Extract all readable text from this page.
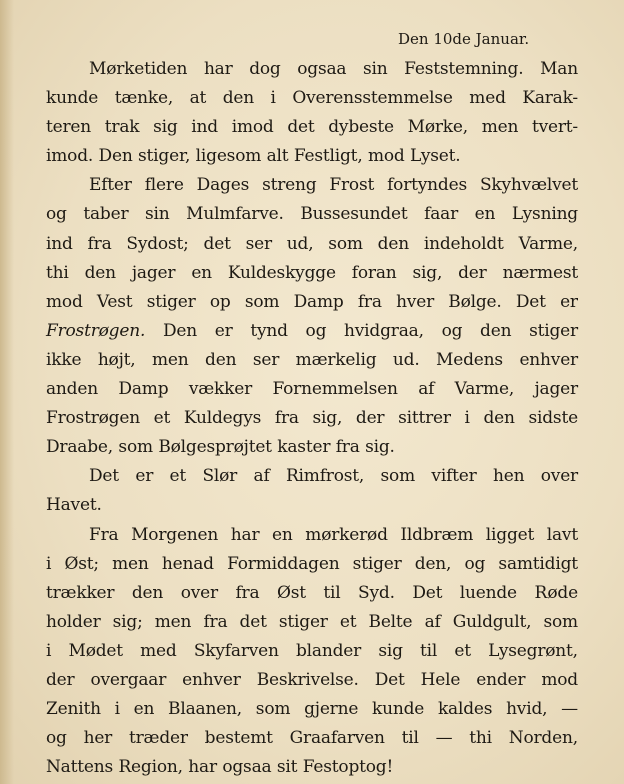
Den 10de Januar.
Mørketiden har dog ogsaa sin Feststemning. Man
kunde tænke, at den i Overensstemmelse med Karak-
teren trak sig ind imod det dybeste Mørke, men tvert-
imod. Den stiger, ligesom alt Festligt, mod Lyset.
Efter flere Dages streng Frost fortyndes Skyhvælvet
og taber sin Mulmfarve. Bussesundet faar en Lysning
ind fra Sydost; det ser ud, som den indeholdt Varme,
thi den jager en Kuldeskygge foran sig, der nærmest
mod Vest stiger op som Damp fra hver Bølge. Det er
Frostrøgen. Den er tynd og hvidgraa, og den stiger
ikke højt, men den ser mærkelig ud. Medens enhver
anden Damp vækker Fornemmelsen af Varme, jager
Frostrøgen et Kuldegys fra sig, der sittrer i den sidste
Draabe, som Bølgesprøjtet kaster fra sig.
Det er et Slør af Rimfrost, som vifter hen over
Havet.
Fra Morgenen har en mørkerød Ildbræm ligget lavt
i Øst; men henad Formiddagen stiger den, og samtidigt
trækker den over fra Øst til Syd. Det luende Røde
holder sig; men fra det stiger et Belte af Guldgult, som
i Mødet med Skyfarven blander sig til et Lysegrønt,
der overgaar enhver Beskrivelse. Det Hele ender mod
Zenith i en Blaanen, som gjerne kunde kaldes hvid, —
og her træder bestemt Graafarven til — thi Norden,
Nattens Region, har ogsaa sit Festoptog!
